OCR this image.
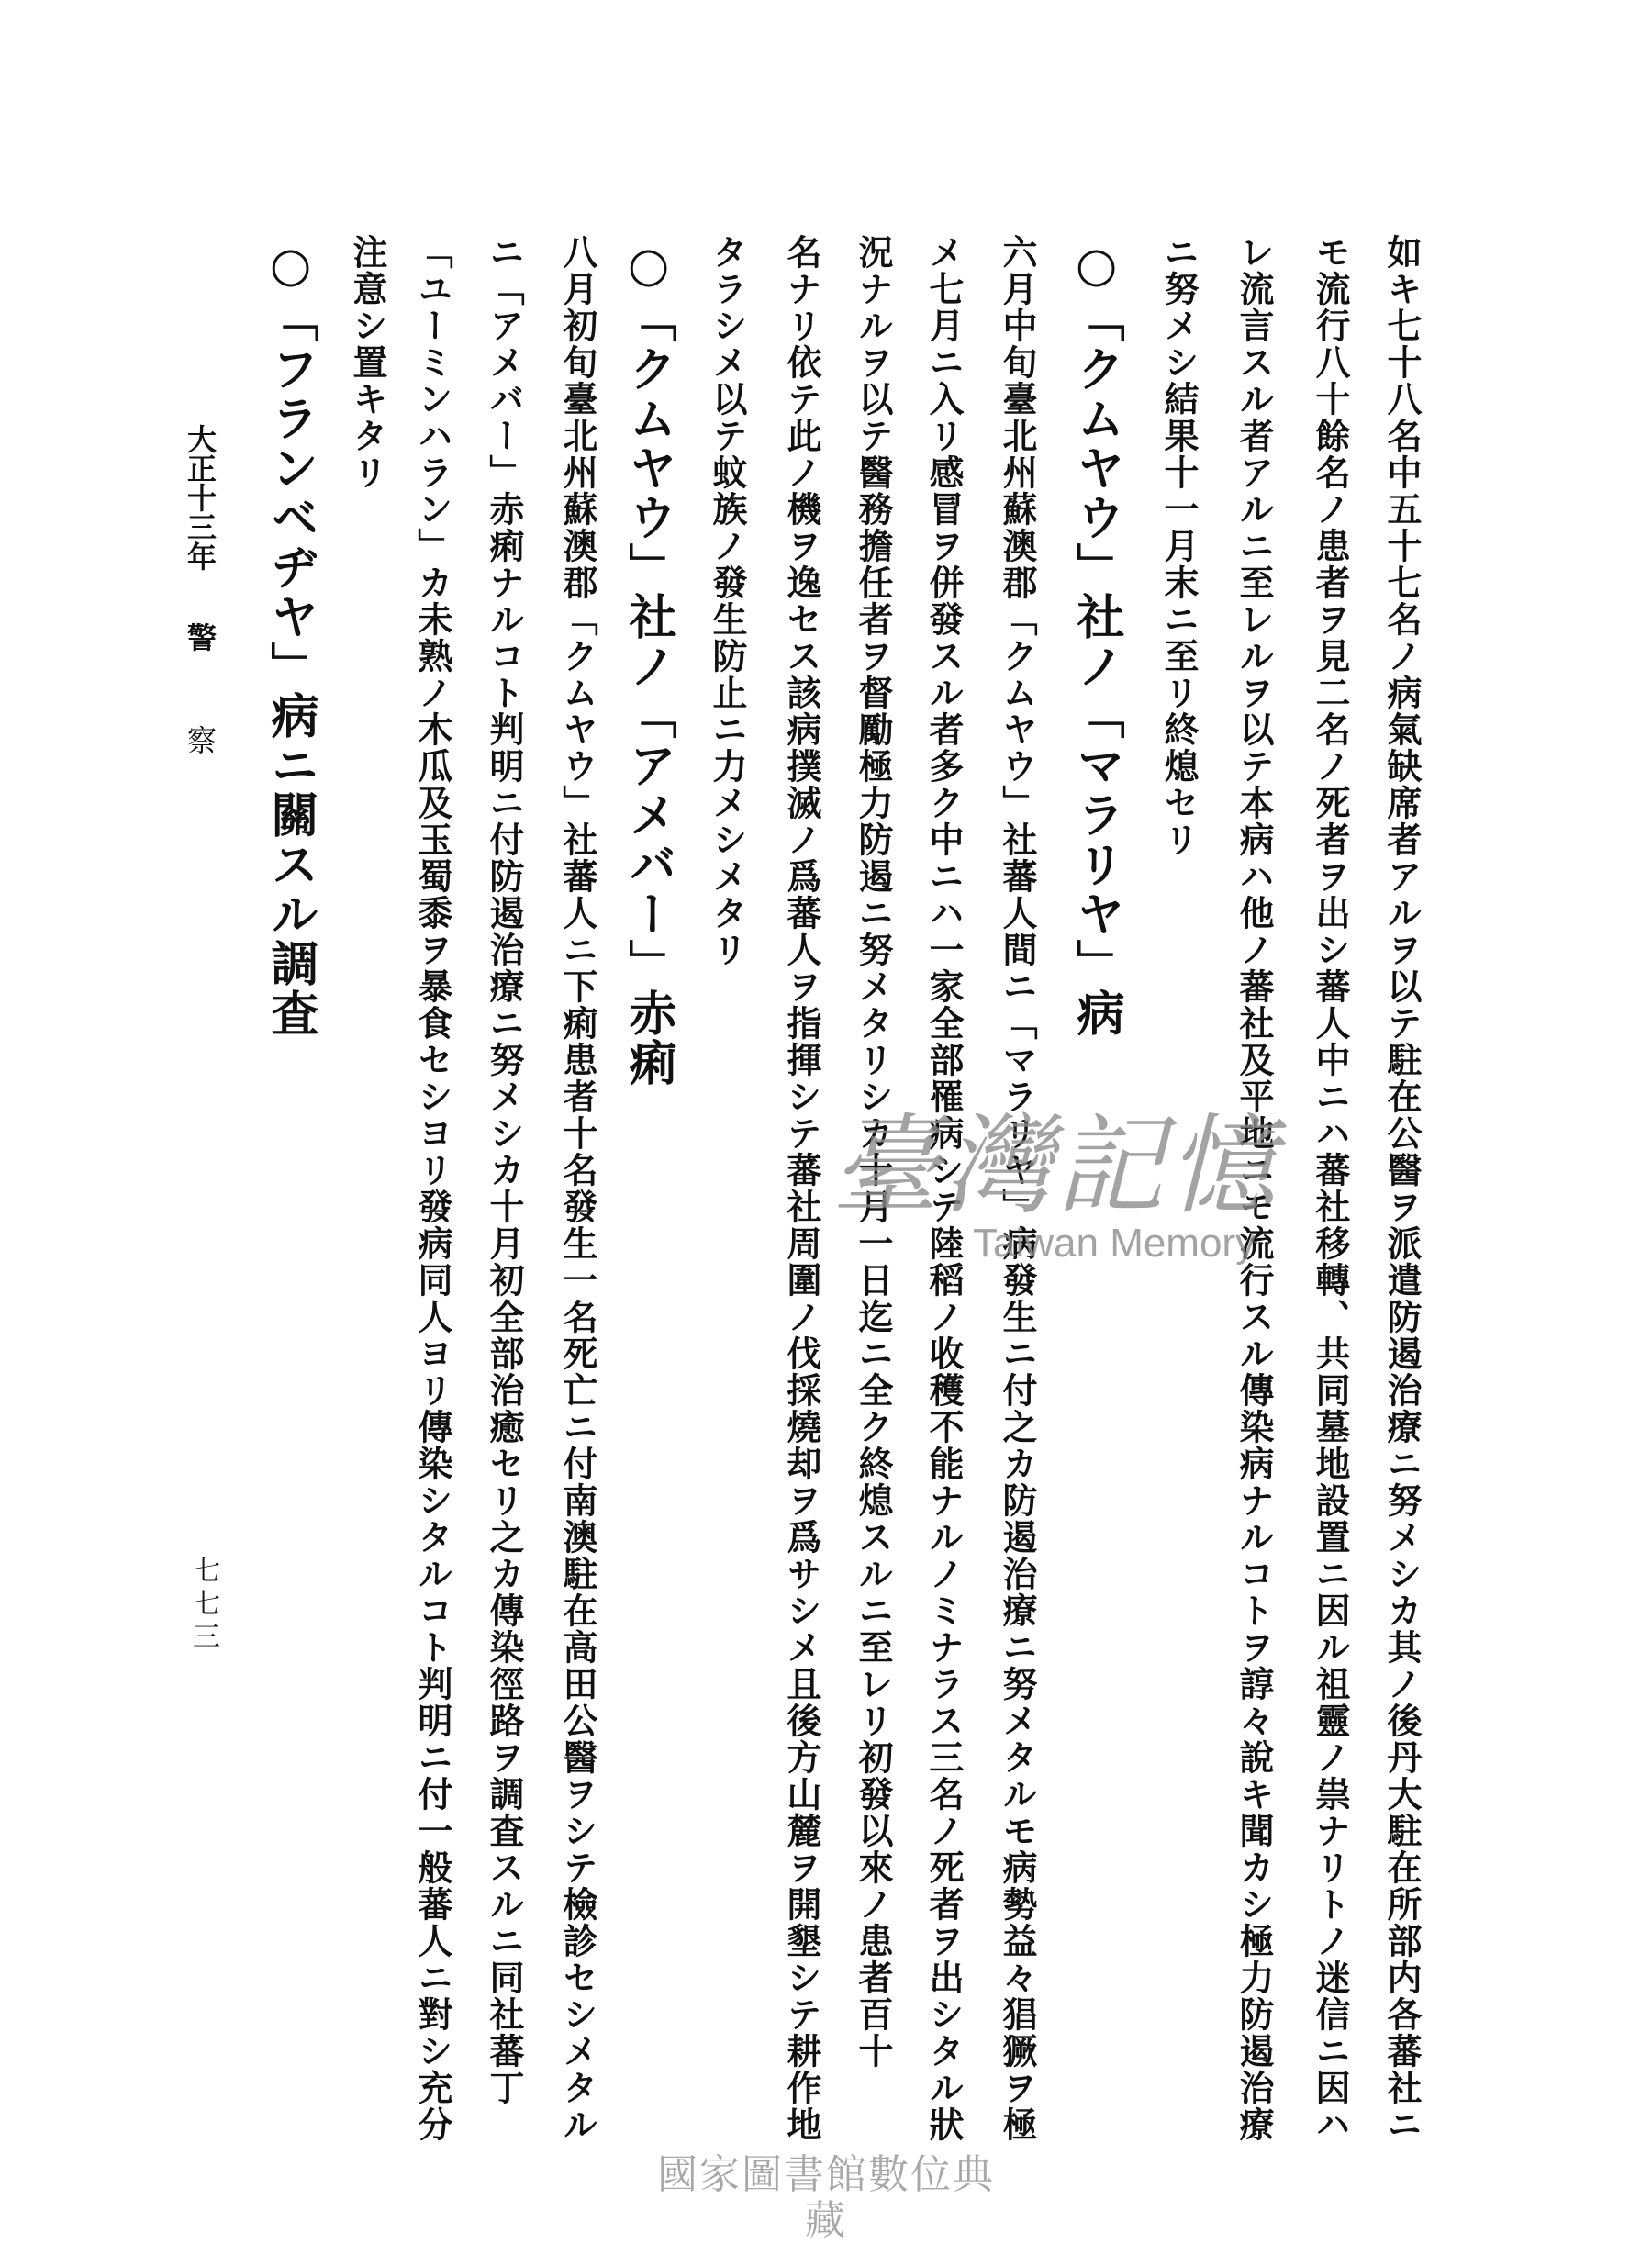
如キ七十八名中五十七名ノ病氣缺席者アルヲ以テ駐在公醫ヲ派遣防遏治療ニ努メシカ其ノ後丹大駐在所部内各蕃社ニ
モ流行八十餘名ノ患者ヲ見二名ノ死者ヲ出シ蕃人中ニハ蕃社移轉、共同墓地設置ニ因ル祖靈ノ祟ナリトノ迷信ニ因ハ
レ流言スル者アルニ至レルヲ以テ本病ハ他ノ蕃社及平地ニモ流行スル傳染病ナルコトヲ諄々說キ聞カシ極力防遏治療
ニ努メシ結果十一月末ニ至リ終熄セリ
○「クムヤウ」社ノ「マラリヤ」病
六月中旬臺北州蘇澳郡「クムヤウ」社蕃人間ニ「マラリヤ」病發生ニ付之カ防遏治療ニ努メタルモ病勢益々猖獗ヲ極
メ七月ニ入リ感冒ヲ併發スル者多ク中ニハ一家全部罹病シテ陸稻ノ收穫不能ナルノミナラス三名ノ死者ヲ出シタル狀
況ナルヲ以テ醫務擔任者ヲ督勵極力防遏ニ努メタリシカ十月一日迄ニ全ク終熄スルニ至レリ初發以來ノ患者百十
名ナリ依テ此ノ機ヲ逸セス該病撲滅ノ爲蕃人ヲ指揮シテ蕃社周圍ノ伐採燒却ヲ爲サシメ且後方山麓ヲ開墾シテ耕作地
タラシメ以テ蚊族ノ發生防止ニ力メシメタリ
○「クムヤウ」社ノ「アメバー」赤痢
八月初旬臺北州蘇澳郡「クムヤウ」社蕃人ニ下痢患者十名發生一名死亡ニ付南澳駐在高田公醫ヲシテ檢診セシメタル
ニ「アメバー」赤痢ナルコト判明ニ付防遏治療ニ努メシカ十月初全部治癒セリ之カ傳染徑路ヲ調査スルニ同社蕃丁
「ユーミンハラン」カ未熟ノ木瓜及玉蜀黍ヲ暴食セシヨリ發病同人ヨリ傳染シタルコト判明ニ付一般蕃人ニ對シ充分
注意シ置キタリ
○「フランベヂヤ」病ニ關スル調査
大正十三年
警
察
七七三
臺灣記憶
Taiwan Memory
國家圖書館數位典藏
